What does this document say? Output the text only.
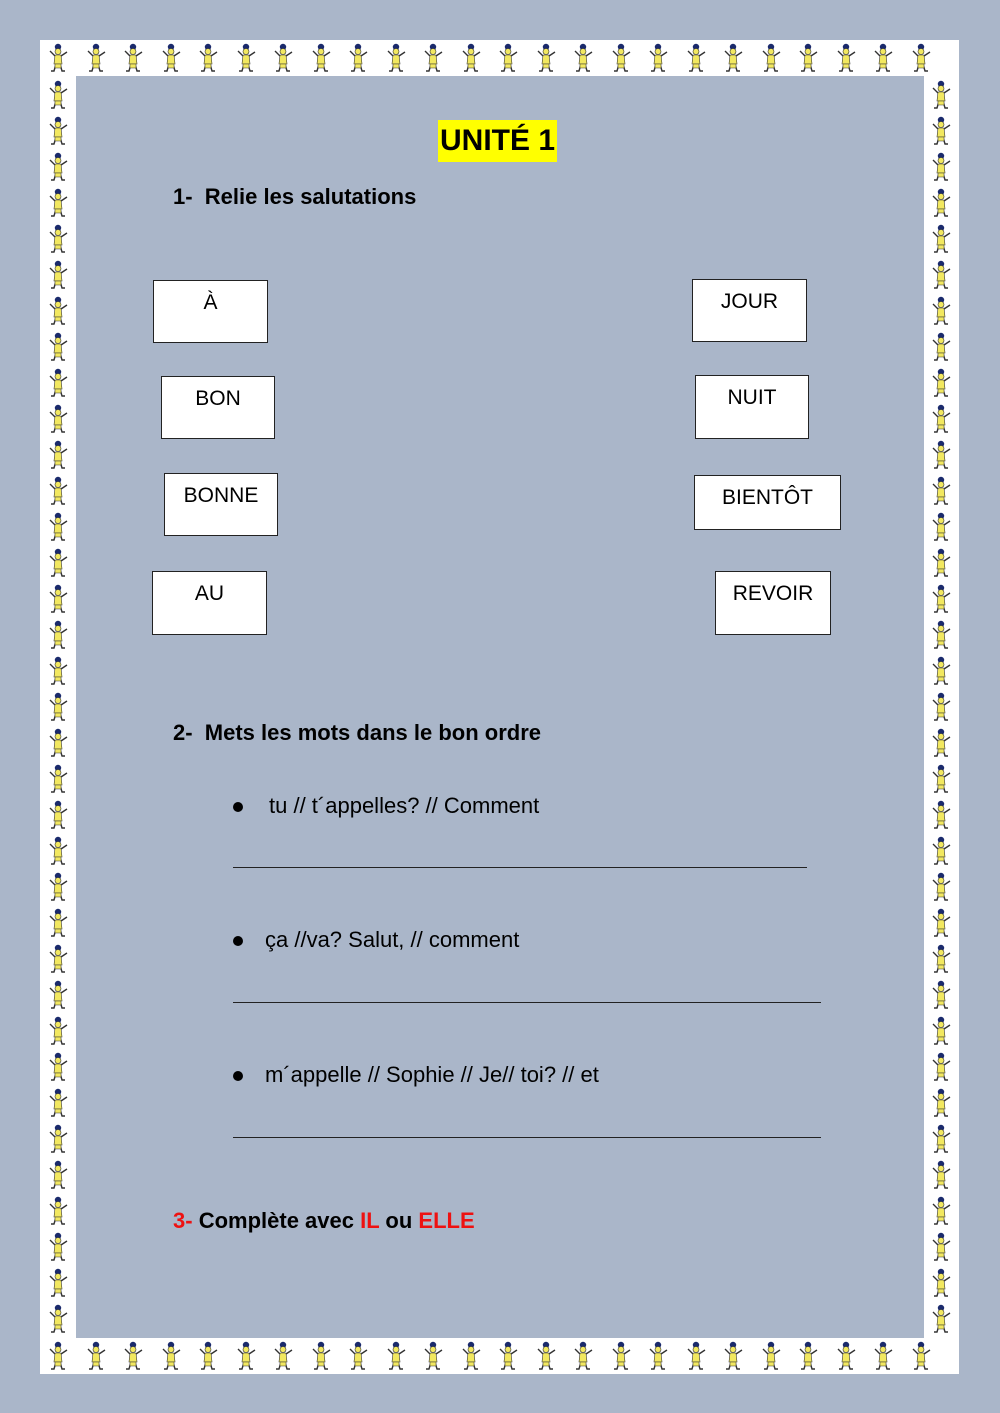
UNITÉ 1
1- Relie les salutations
À
BON
BONNE
AU
JOUR
NUIT
BIENTÔT
REVOIR
2- Mets les mots dans le bon ordre
tu // t´appelles? // Comment
ça //va? Salut, // comment
m´appelle // Sophie // Je// toi? // et
3- Complète avec IL ou ELLE
